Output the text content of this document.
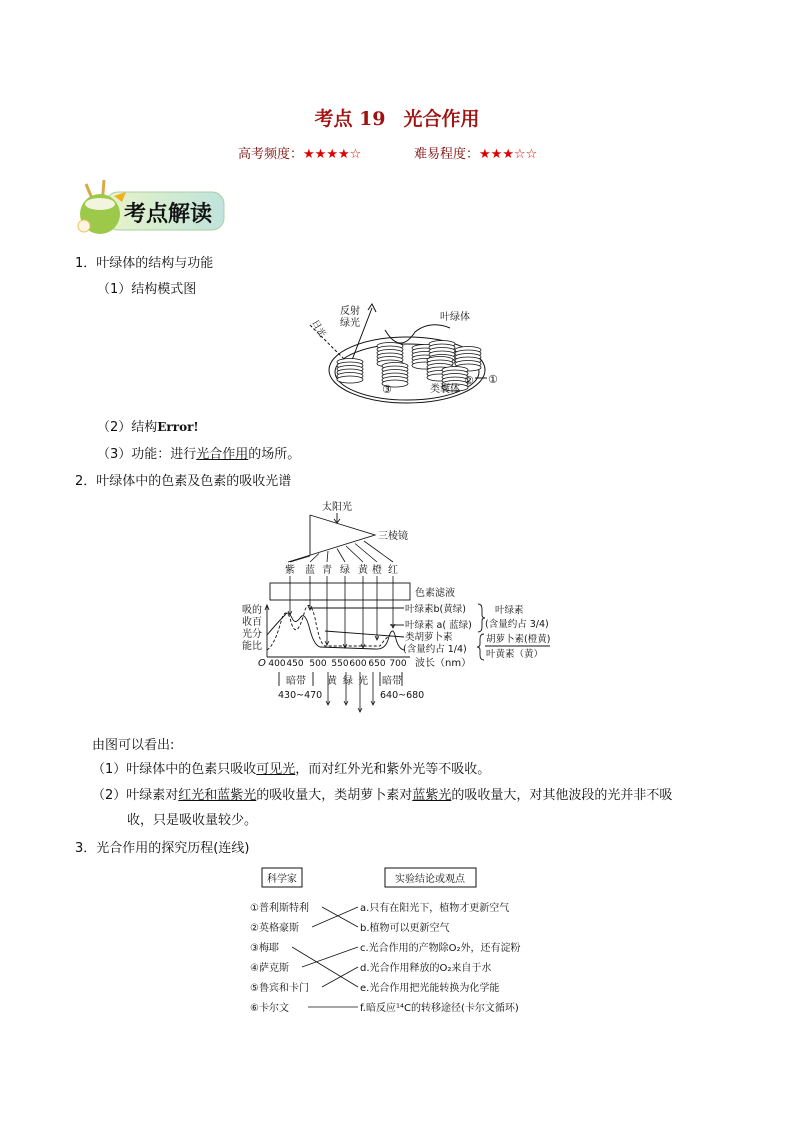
考点 19 光合作用
高考频度：★★★★☆	难易程度：★★★☆☆
考点解读
1．叶绿体的结构与功能
（1）结构模式图
反射
绿光
日光
叶绿体
类囊体
③
② ①
（2）结构Error!
（3）功能：进行光合作用的场所。
2．叶绿体中的色素及色素的吸收光谱
太阳光
三棱镜
紫 蓝 青 绿 黄 橙 红
色素滤液
吸的
收百
光分
能比
O 400 450 500 550 600 650 700 波长（nm）
叶绿素b(黄绿)
叶绿素 a( 蓝绿)
类胡萝卜素
(含量约占 1/4)
叶绿素
(含量约占 3/4)
胡萝卜素(橙黄)
叶黄素（黄）
暗带
430~470
黄 绿 光 暗带
640~680
由图可以看出:
（1）叶绿体中的色素只吸收可见光，而对红外光和紫外光等不吸收。
（2）叶绿素对红光和蓝紫光的吸收量大，类胡萝卜素对蓝紫光的吸收量大，对其他波段的光并非不吸
收，只是吸收量较少。
3．光合作用的探究历程(连线)
科学家	实验结论或观点
①普利斯特利	a.只有在阳光下，植物才更新空气
②英格豪斯	b.植物可以更新空气
③梅耶	c.光合作用的产物除O₂外，还有淀粉
④萨克斯	d.光合作用释放的O₂来自于水
⑤鲁宾和卡门	e.光合作用把光能转换为化学能
⑥卡尔文	f.暗反应¹⁴C的转移途径(卡尔文循环)
